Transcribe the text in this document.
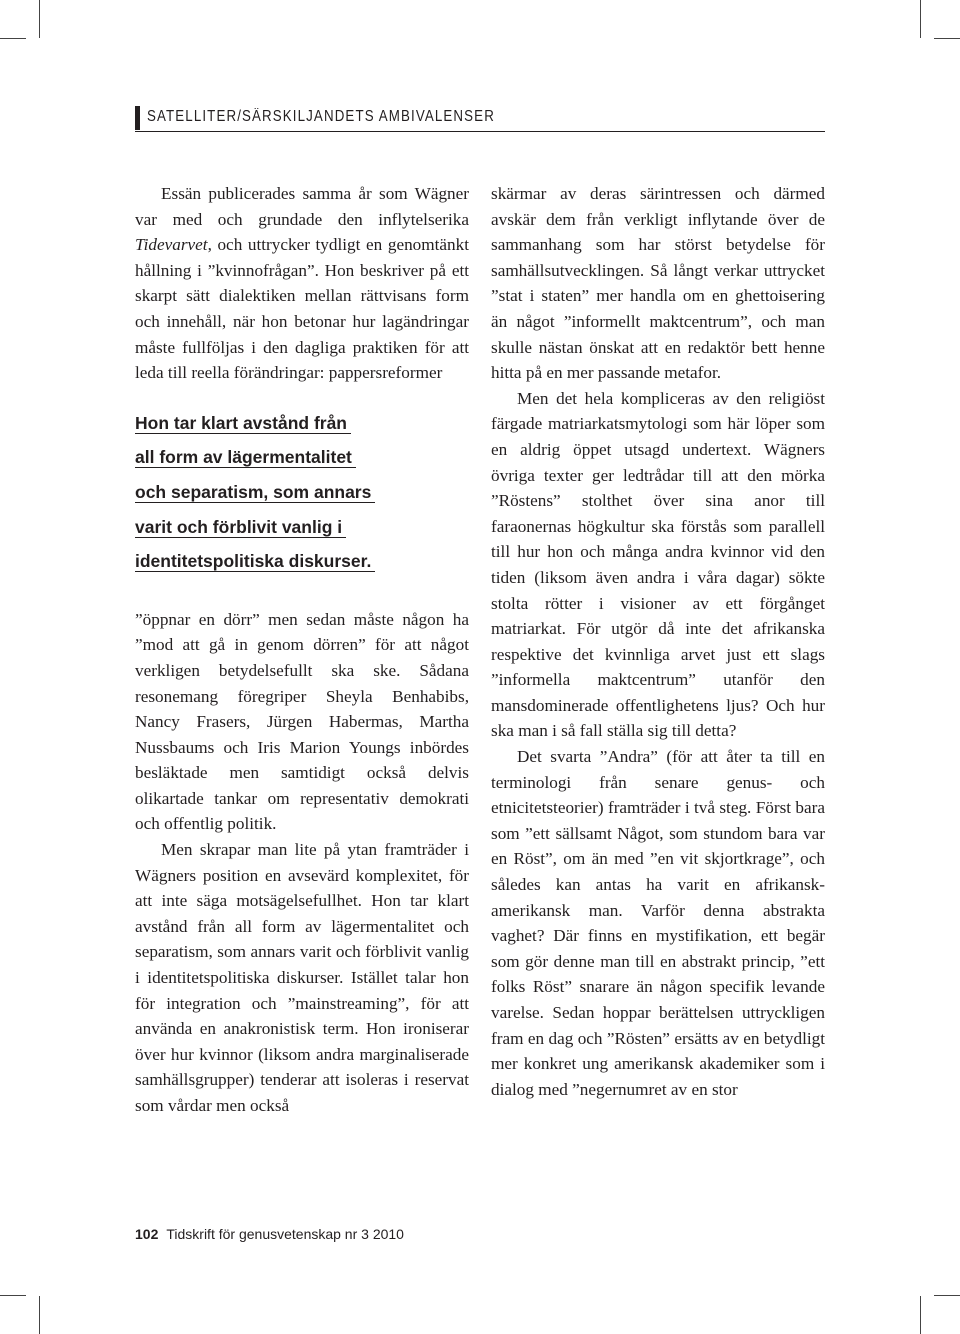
SATELLITER/SÄRSKILJANDETS AMBIVALENSER

Essän publicerades samma år som Wägner var med och grundade den inflytelserika Tidevarvet, och uttrycker tydligt en genomtänkt hållning i ”kvinnofrågan”. Hon beskriver på ett skarpt sätt dialektiken mellan rättvisans form och innehåll, när hon betonar hur lagändringar måste fullföljas i den dagliga praktiken för att leda till reella förändringar: pappersreformer

Hon tar klart avstånd från
all form av lägermentalitet
och separatism, som annars
varit och förblivit vanlig i
identitetspolitiska diskurser.

”öppnar en dörr” men sedan måste någon ha ”mod att gå in genom dörren” för att något verkligen betydelsefullt ska ske. Sådana resonemang föregriper Sheyla Benhabibs, Nancy Frasers, Jürgen Habermas, Martha Nussbaums och Iris Marion Youngs inbördes besläktade men samtidigt också delvis olikartade tankar om representativ demokrati och offentlig politik.

Men skrapar man lite på ytan framträder i Wägners position en avsevärd komplexitet, för att inte säga motsägelsefullhet. Hon tar klart avstånd från all form av lägermentalitet och separatism, som annars varit och förblivit vanlig i identitetspolitiska diskurser. Istället talar hon för integration och ”mainstreaming”, för att använda en anakronistisk term. Hon ironiserar över hur kvinnor (liksom andra marginaliserade samhällsgrupper) tenderar att isoleras i reservat som vårdar men också

skärmar av deras särintressen och därmed avskär dem från verkligt inflytande över de sammanhang som har störst betydelse för samhällsutvecklingen. Så långt verkar uttrycket ”stat i staten” mer handla om en ghettoisering än något ”informellt maktcentrum”, och man skulle nästan önskat att en redaktör bett henne hitta på en mer passande metafor.

Men det hela kompliceras av den religiöst färgade matriarkatsmytologi som här löper som en aldrig öppet utsagd undertext. Wägners övriga texter ger ledtrådar till att den mörka ”Röstens” stolthet över sina anor till faraonernas högkultur ska förstås som parallell till hur hon och många andra kvinnor vid den tiden (liksom även andra i våra dagar) sökte stolta rötter i visioner av ett förgånget matriarkat. För utgör då inte det afrikanska respektive det kvinnliga arvet just ett slags ”informella maktcentrum” utanför den mansdominerade offentlighetens ljus? Och hur ska man i så fall ställa sig till detta?

Det svarta ”Andra” (för att åter ta till en terminologi från senare genus- och etnicitetsteorier) framträder i två steg. Först bara som ”ett sällsamt Något, som stundom bara var en Röst”, om än med ”en vit skjortkrage”, och således kan antas ha varit en afrikansk-amerikansk man. Varför denna abstrakta vaghet? Där finns en mystifikation, ett begär som gör denne man till en abstrakt princip, ”ett folks Röst” snarare än någon specifik levande varelse. Sedan hoppar berättelsen uttryckligen fram en dag och ”Rösten” ersätts av en betydligt mer konkret ung amerikansk akademiker som i dialog med ”negernumret av en stor

102 Tidskrift för genusvetenskap nr 3 2010
